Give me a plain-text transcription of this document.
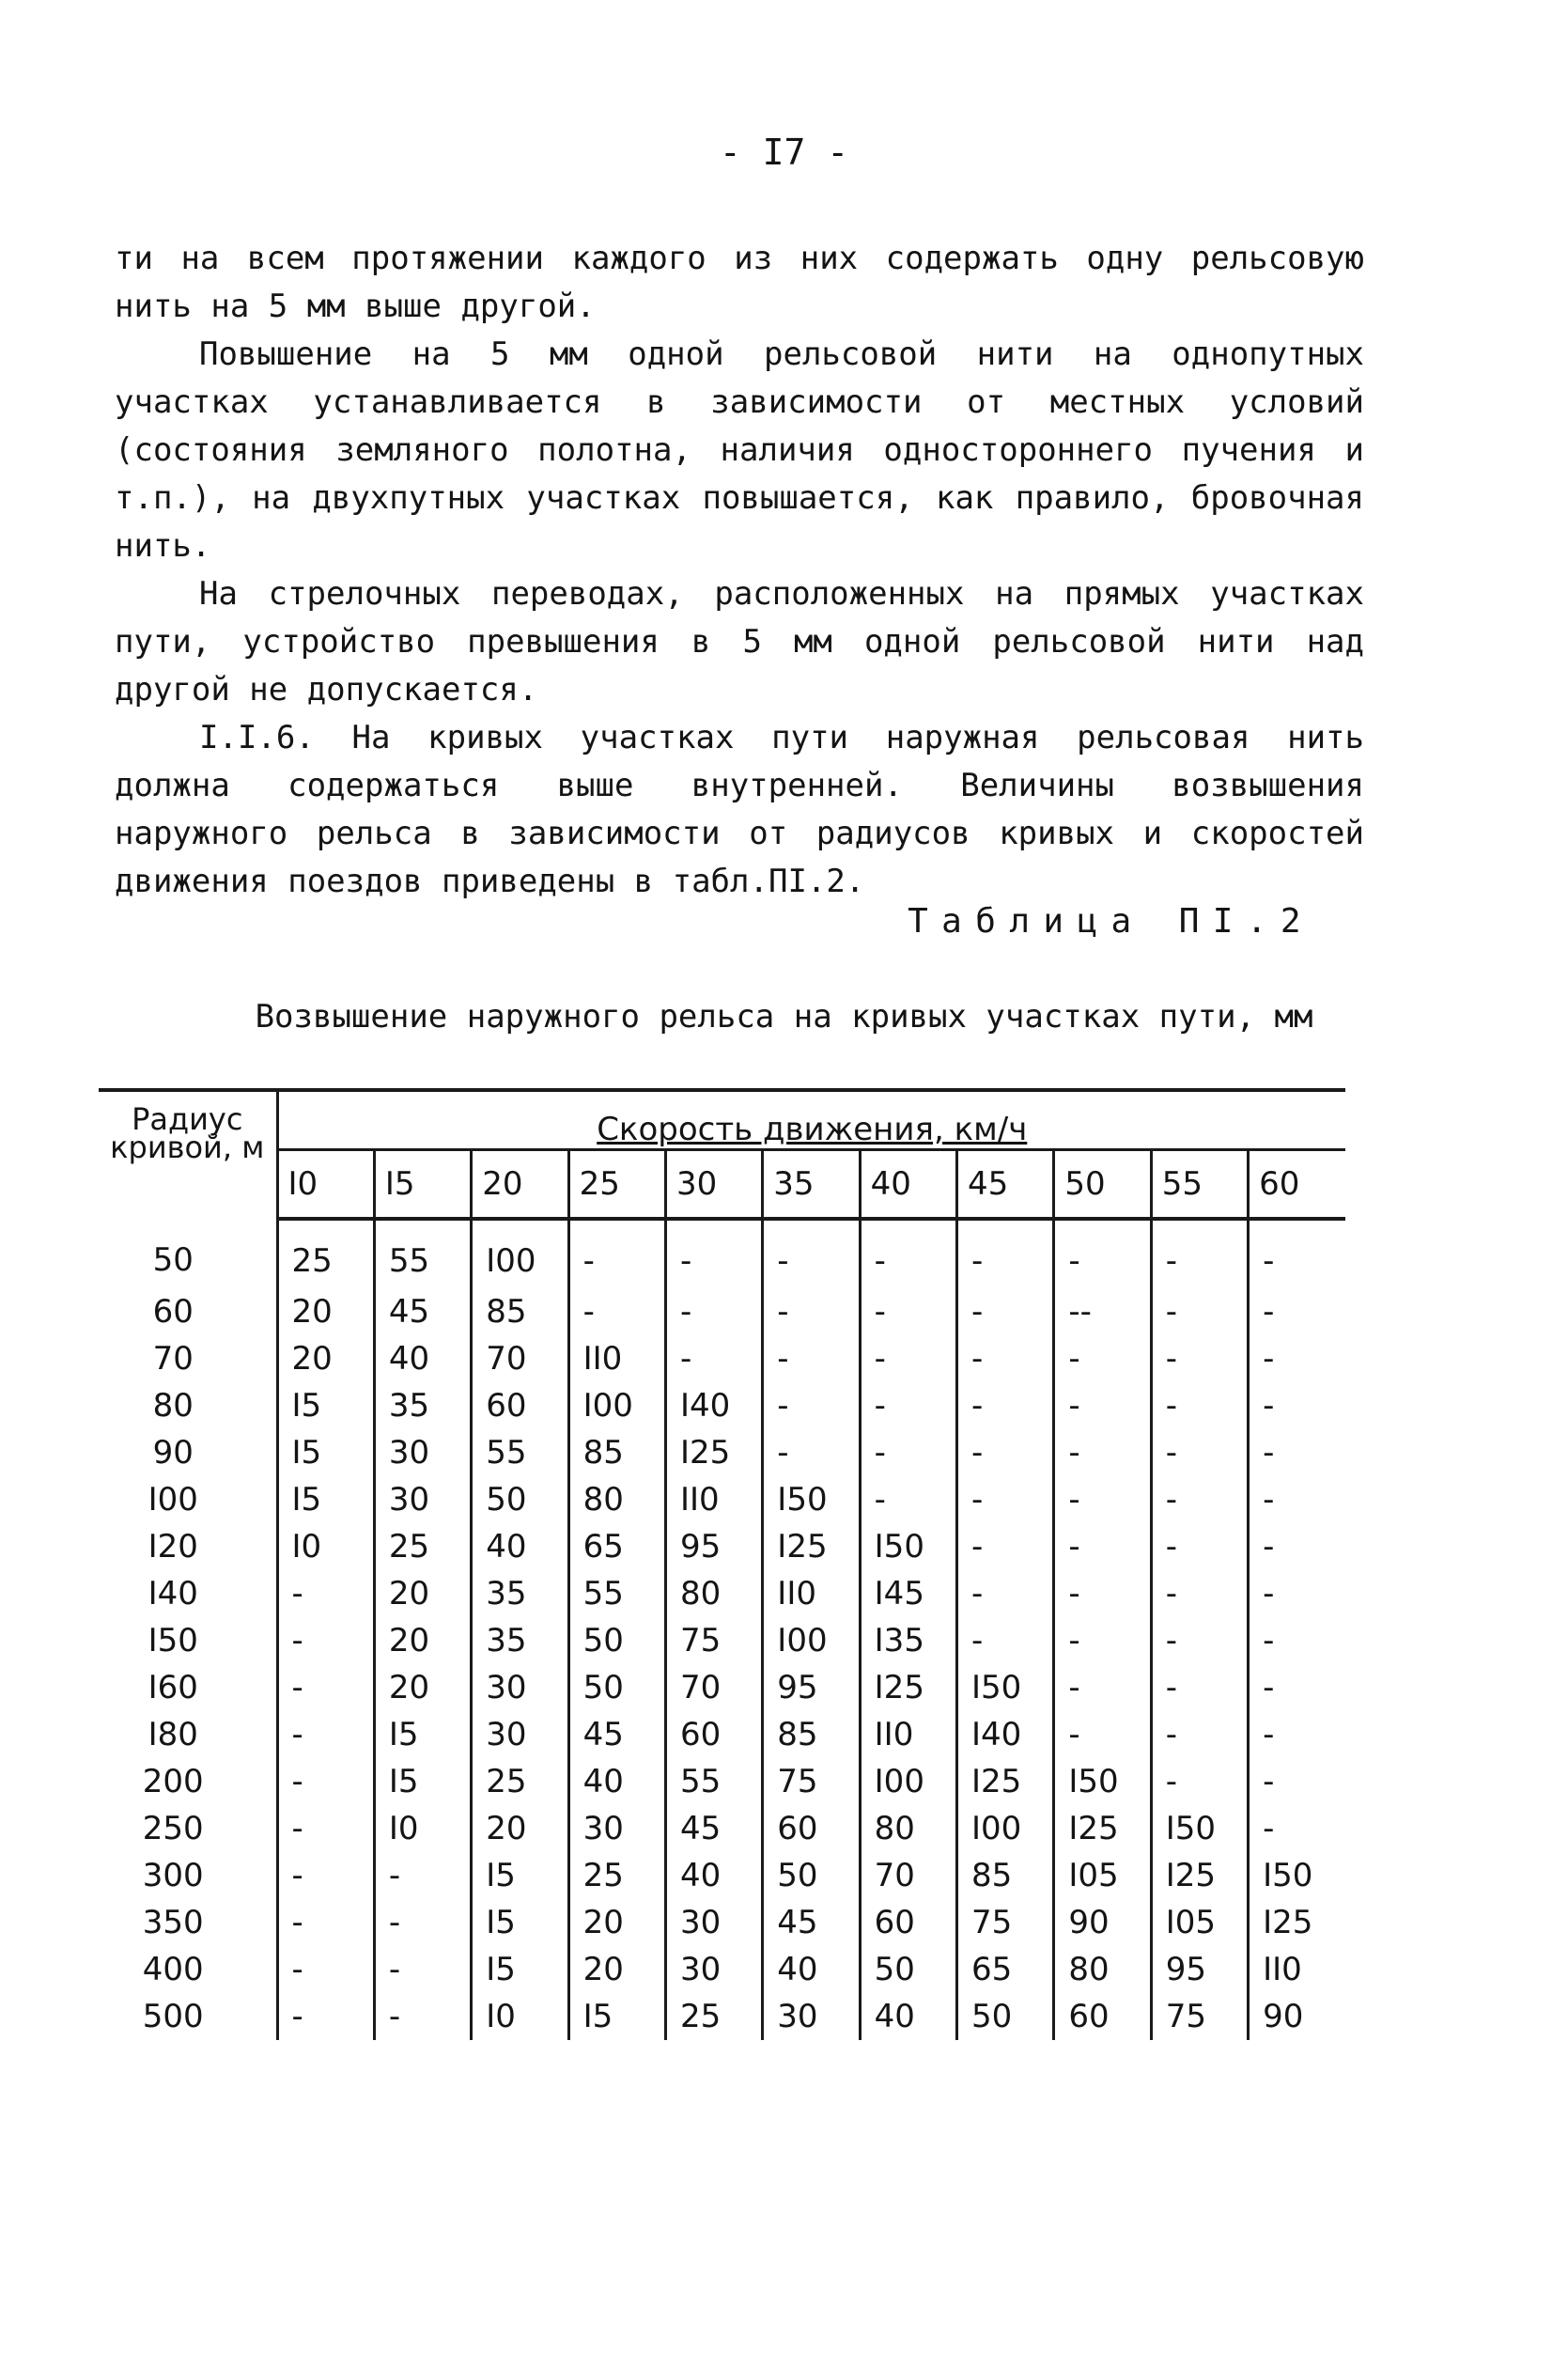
- I7 -

ти на всем протяжении каждого из них содержать одну рельсовую нить на 5 мм выше другой.

Повышение на 5 мм одной рельсовой нити на однопутных участках устанавливается в зависимости от местных условий (состояния земляного полотна, наличия одностороннего пучения и т.п.), на двухпутных участках повышается, как правило, бровочная нить.

На стрелочных переводах, расположенных на прямых участках пути, устройство превышения в 5 мм одной рельсовой нити над другой не допускается.

I.I.6. На кривых участках пути наружная рельсовая нить должна содержаться выше внутренней. Величины возвышения наружного рельса в зависимости от радиусов кривых и скоростей движения поездов приведены в табл.ПI.2.

Таблица ПI.2
Возвышение наружного рельса на кривых участках пути, мм
Радиус кривой, м	Скорость движения, км/ч										
	I0	I5	20	25	30	35	40	45	50	55	60
50	25	55	I00	-	-	-	-	-	-	-	-
60	20	45	85	-	-	-	-	-	--	-	-
70	20	40	70	II0	-	-	-	-	-	-	-
80	I5	35	60	I00	I40	-	-	-	-	-	-
90	I5	30	55	85	I25	-	-	-	-	-	-
I00	I5	30	50	80	II0	I50	-	-	-	-	-
I20	I0	25	40	65	95	I25	I50	-	-	-	-
I40	-	20	35	55	80	II0	I45	-	-	-	-
I50	-	20	35	50	75	I00	I35	-	-	-	-
I60	-	20	30	50	70	95	I25	I50	-	-	-
I80	-	I5	30	45	60	85	II0	I40	-	-	-
200	-	I5	25	40	55	75	I00	I25	I50	-	-
250	-	I0	20	30	45	60	80	I00	I25	I50	-
300	-	-	I5	25	40	50	70	85	I05	I25	I50
350	-	-	I5	20	30	45	60	75	90	I05	I25
400	-	-	I5	20	30	40	50	65	80	95	II0
500	-	-	I0	I5	25	30	40	50	60	75	90
